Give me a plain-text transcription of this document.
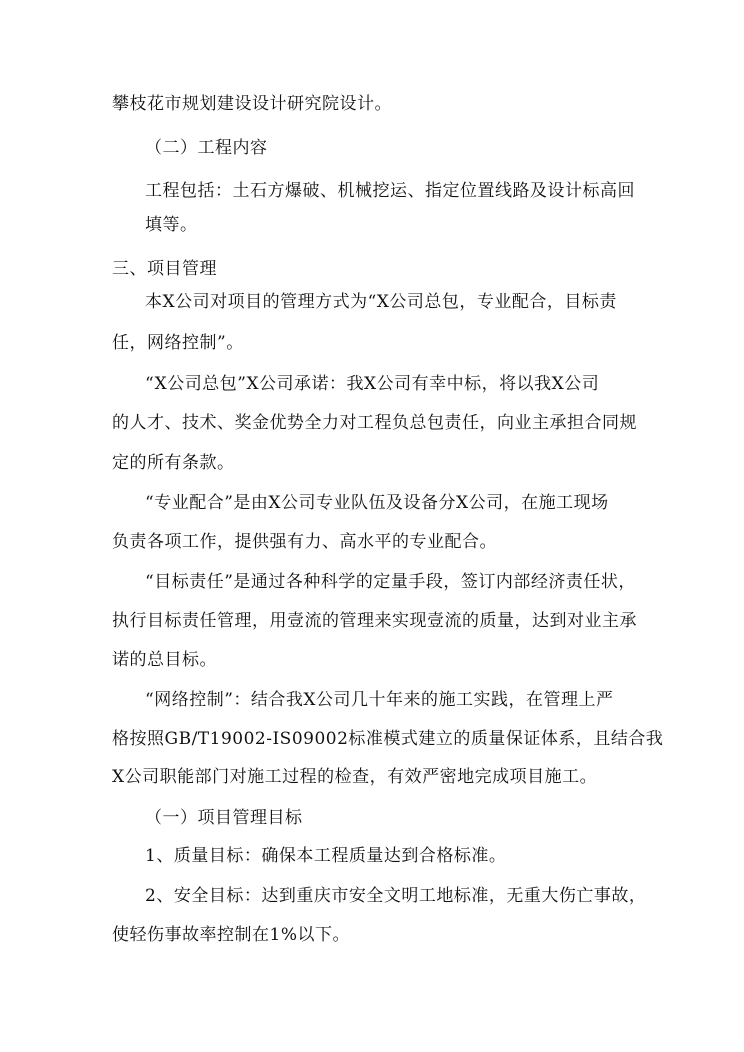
攀枝花市规划建设设计研究院设计。
（二）工程内容
工程包括：土石方爆破、机械挖运、指定位置线路及设计标高回
填等。
三、项目管理
本X公司对项目的管理方式为“X公司总包，专业配合，目标责
任，网络控制”。
“X公司总包”X公司承诺：我X公司有幸中标，将以我X公司
的人才、技术、奖金优势全力对工程负总包责任，向业主承担合同规
定的所有条款。
“专业配合”是由X公司专业队伍及设备分X公司，在施工现场
负责各项工作，提供强有力、高水平的专业配合。
“目标责任”是通过各种科学的定量手段，签订内部经济责任状，
执行目标责任管理，用壹流的管理来实现壹流的质量，达到对业主承
诺的总目标。
“网络控制”：结合我X公司几十年来的施工实践，在管理上严
格按照GB/T19002-IS09002标准模式建立的质量保证体系，且结合我
X公司职能部门对施工过程的检查，有效严密地完成项目施工。
（一）项目管理目标
1、质量目标：确保本工程质量达到合格标准。
2、安全目标：达到重庆市安全文明工地标准，无重大伤亡事故，
使轻伤事故率控制在1%以下。
